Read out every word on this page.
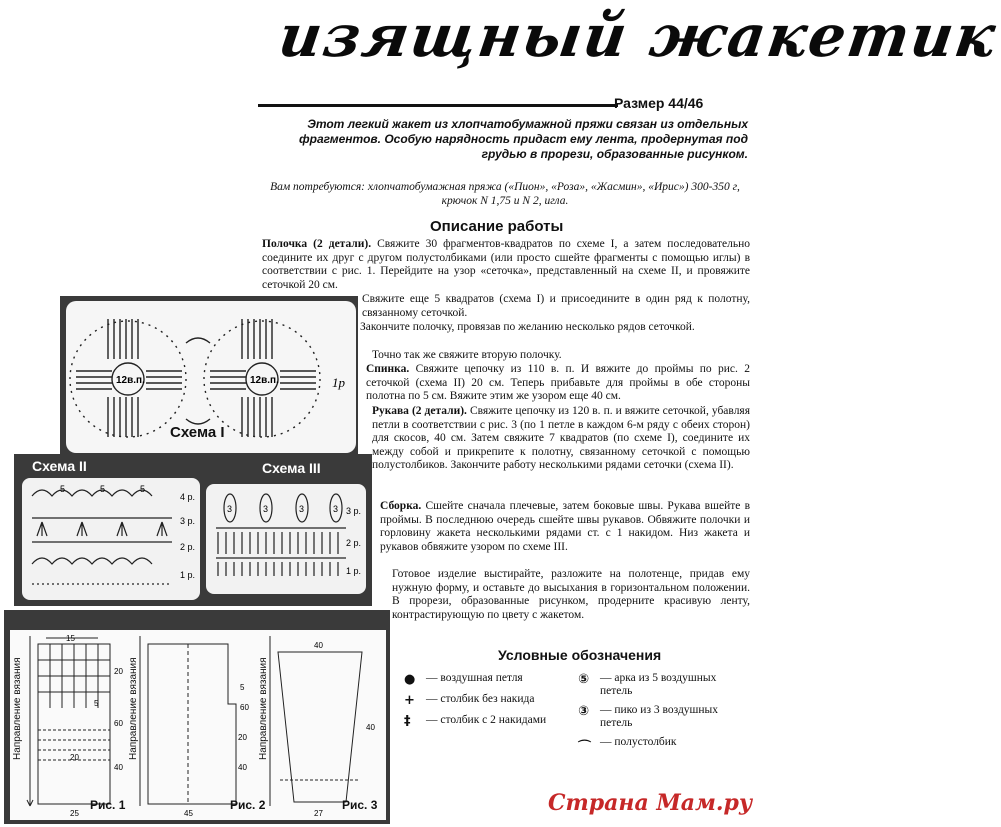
изящный жакетик
Размер 44/46
Этот легкий жакет из хлопчатобумажной пряжи связан из отдельных фрагментов. Особую нарядность придаст ему лента, продернутая под грудью в прорези, образованные рисунком.
Вам потребуются: хлопчатобумажная пряжа («Пион», «Роза», «Жасмин», «Ирис») 300-350 г, крючок N 1,75 и N 2, игла.
Описание работы
Полочка (2 детали). Свяжите 30 фрагментов-квадратов по схеме I, а затем последовательно соедините их друг с другом полустолбиками (или просто сшейте фрагменты с помощью иглы) в соответствии с рис. 1. Перейдите на узор «сеточка», представленный на схеме II, и провяжите сеточкой 20 см.
Свяжите еще 5 квадратов (схема I) и присоедините в один ряд к полотну, связанному сеточкой.
Закончите полочку, провязав по желанию несколько рядов сеточкой.
Точно так же свяжите вторую полочку.
Спинка. Свяжите цепочку из 110 в. п. И вяжите до проймы по рис. 2 сеточкой (схема II) 20 см. Теперь прибавьте для проймы в обе стороны полотна по 5 см. Вяжите этим же узором еще 40 см.
Рукава (2 детали). Свяжите цепочку из 120 в. п. и вяжите сеточкой, убавляя петли в соответствии с рис. 3 (по 1 петле в каждом 6-м ряду с обеих сторон) для скосов, 40 см. Затем свяжите 7 квадратов (по схеме I), соедините их между собой и прикрепите к полотну, связанному сеточкой с помощью полустолбиков. Закончите работу несколькими рядами сеточки (схема II).
Сборка. Сшейте сначала плечевые, затем боковые швы. Рукава вшейте в проймы. В последнюю очередь сшейте швы рукавов. Обвяжите полочки и горловину жакета несколькими рядами ст. с 1 накидом. Низ жакета и рукавов обвяжите узором по схеме III.
Готовое изделие выстирайте, разложите на полотенце, придав ему нужную форму, и оставьте до высыхания в горизонтальном положении. В прорези, образованные рисунком, продерните красивую ленту, контрастирующую по цвету с жакетом.
12в.п.	12в.п.	1р
Схема I
Схема II	Схема III
5	5	5
4 р.
3 р.
2 р.
1 р.
3	3	3	3 3 р.
2 р.
1 р.
15
20
5
60
20
40
25
5
60
20
40
45
40
40
27
Направление вязания	Направление вязания	Направление вязания
Рис. 1	Рис. 2	Рис. 3
Условные обозначения
● — воздушная петля
+ — столбик без накида
‡	— столбик с 2 накидами
⑤ — арка из 5 воздушных петель
③ — пико из 3 воздушных петель
⌒ — полустолбик
Страна Мам.ру
